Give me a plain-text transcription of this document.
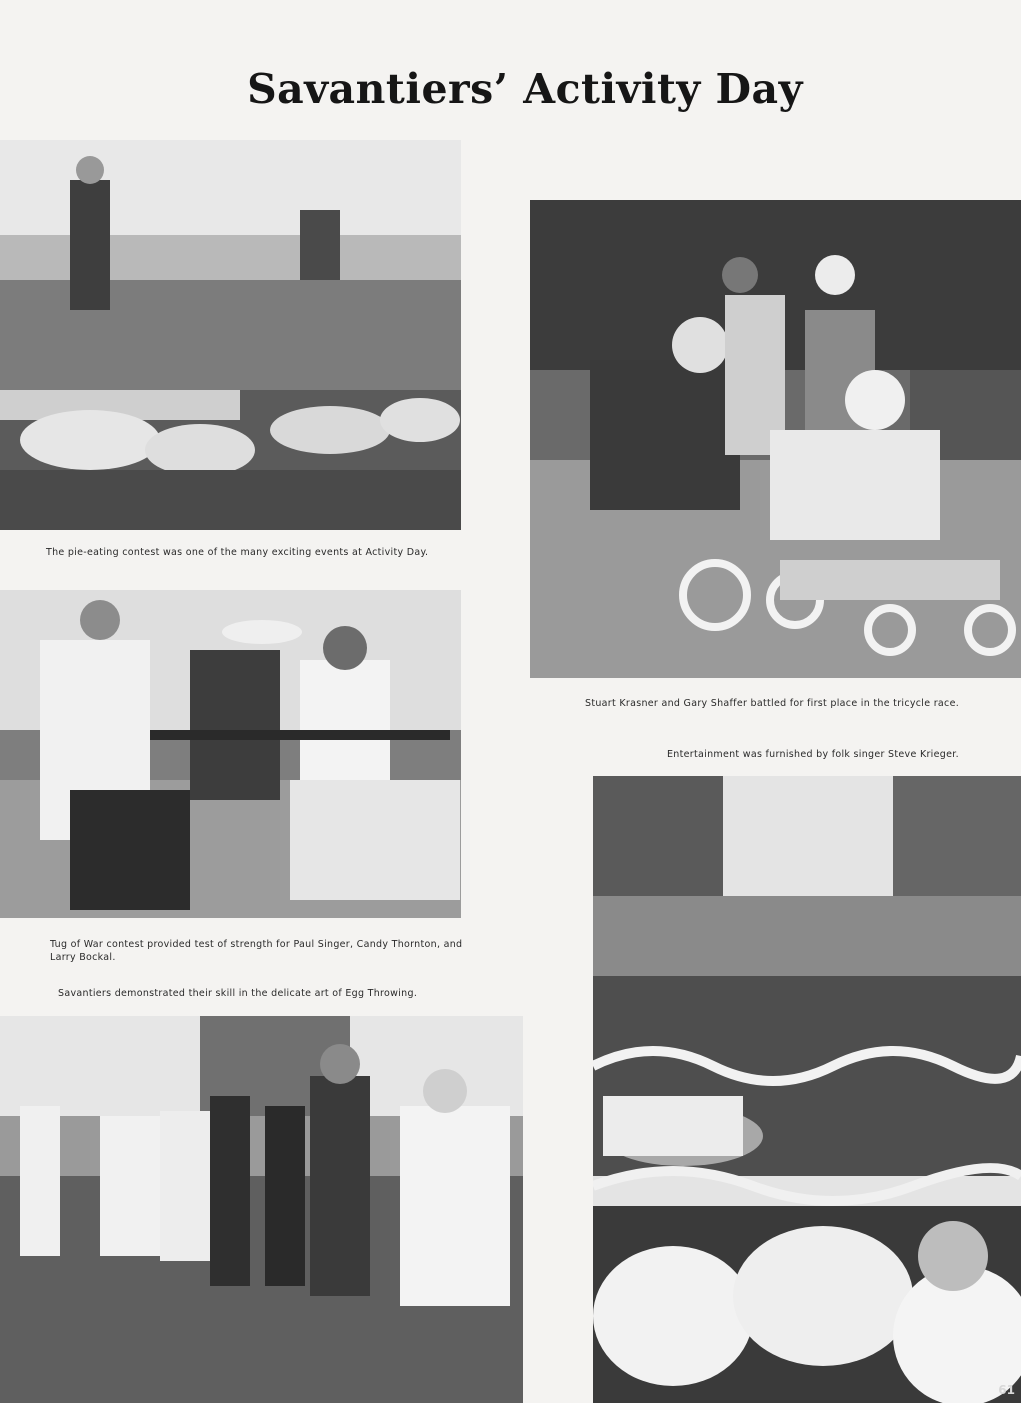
Savantiers’ Activity Day
The pie-eating contest was one of the many exciting events at Activity Day.
Stuart Krasner and Gary Shaffer battled for first place in the tricycle race.
Tug of War contest provided test of strength for Paul Singer, Candy Thornton, and Larry Bockal.
Entertainment was furnished by folk singer Steve Krieger.
61
Savantiers demonstrated their skill in the delicate art of Egg Throwing.
